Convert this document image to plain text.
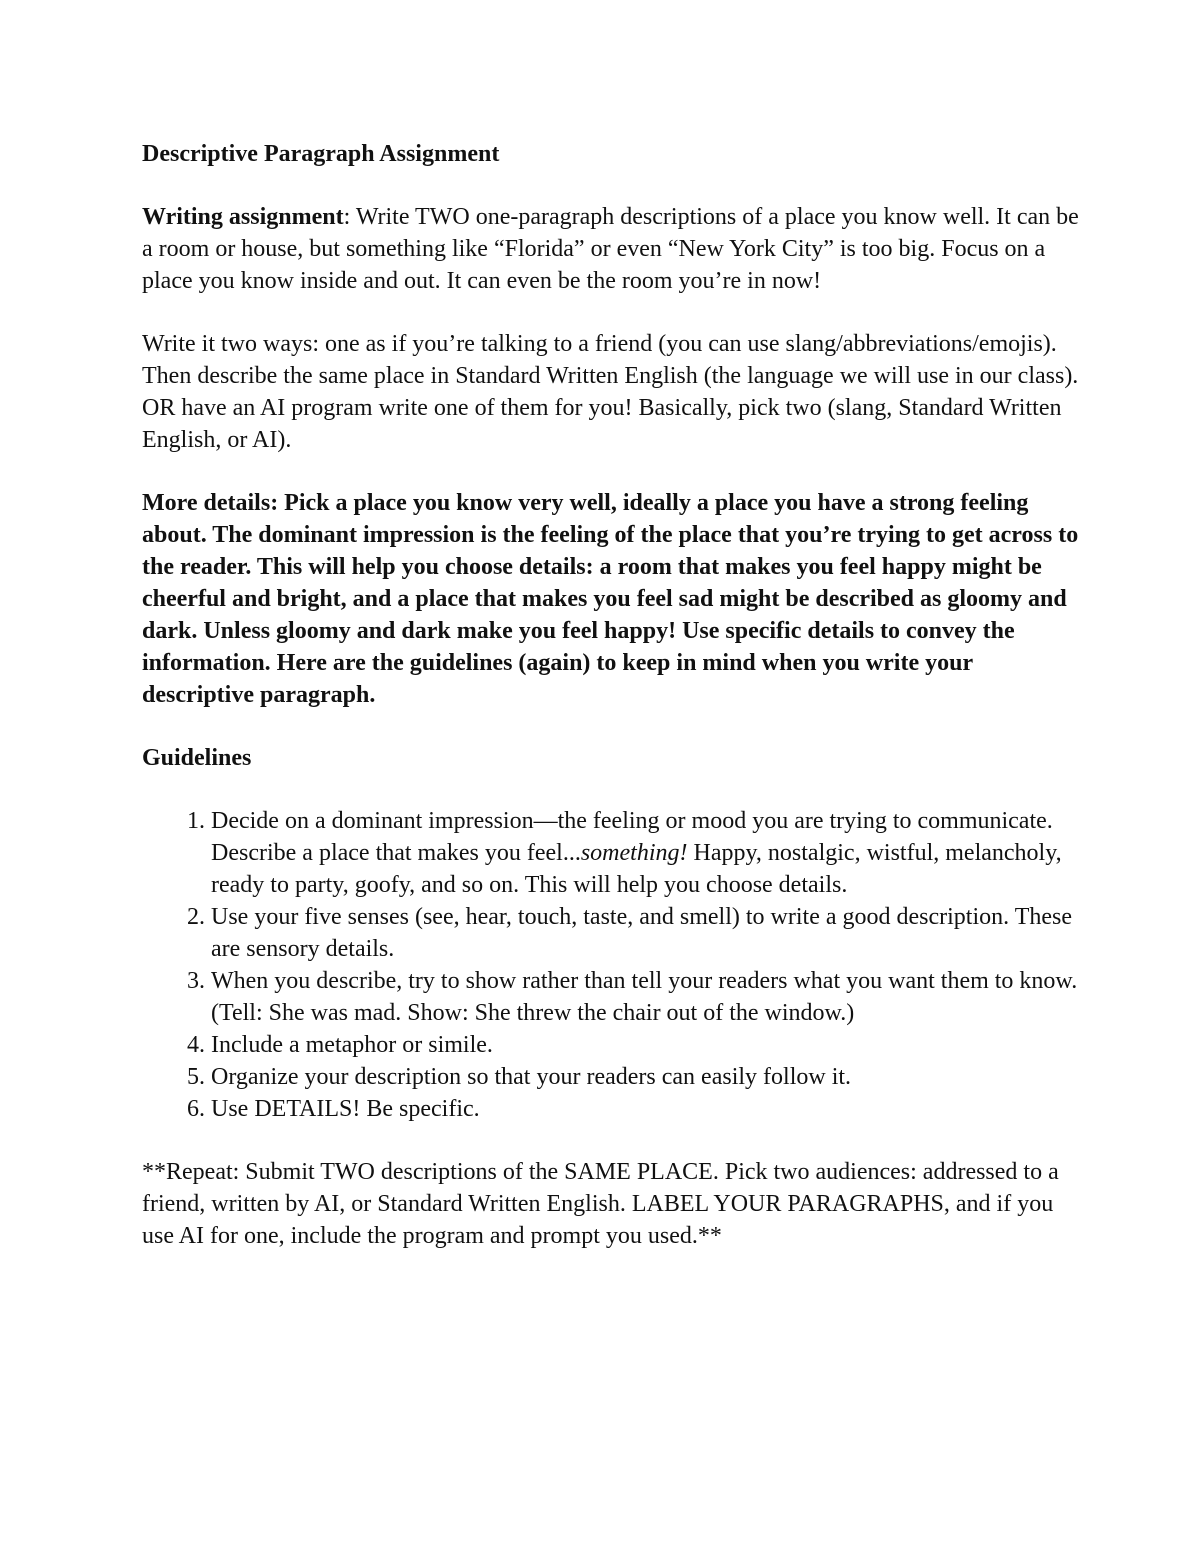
Descriptive Paragraph Assignment

Writing assignment: Write TWO one-paragraph descriptions of a place you know well. It can be a room or house, but something like “Florida” or even “New York City” is too big. Focus on a place you know inside and out. It can even be the room you’re in now!

Write it two ways: one as if you’re talking to a friend (you can use slang/abbreviations/emojis). Then describe the same place in Standard Written English (the language we will use in our class). OR have an AI program write one of them for you! Basically, pick two (slang, Standard Written English, or AI).

More details: Pick a place you know very well, ideally a place you have a strong feeling about. The dominant impression is the feeling of the place that you’re trying to get across to the reader. This will help you choose details: a room that makes you feel happy might be cheerful and bright, and a place that makes you feel sad might be described as gloomy and dark. Unless gloomy and dark make you feel happy! Use specific details to convey the information. Here are the guidelines (again) to keep in mind when you write your descriptive paragraph.

Guidelines
1. Decide on a dominant impression—the feeling or mood you are trying to communicate. Describe a place that makes you feel...something! Happy, nostalgic, wistful, melancholy, ready to party, goofy, and so on. This will help you choose details.
2. Use your five senses (see, hear, touch, taste, and smell) to write a good description. These are sensory details.
3. When you describe, try to show rather than tell your readers what you want them to know. (Tell: She was mad. Show: She threw the chair out of the window.)
4. Include a metaphor or simile.
5. Organize your description so that your readers can easily follow it.
6. Use DETAILS! Be specific.

**Repeat: Submit TWO descriptions of the SAME PLACE. Pick two audiences: addressed to a friend, written by AI, or Standard Written English. LABEL YOUR PARAGRAPHS, and if you use AI for one, include the program and prompt you used.**
